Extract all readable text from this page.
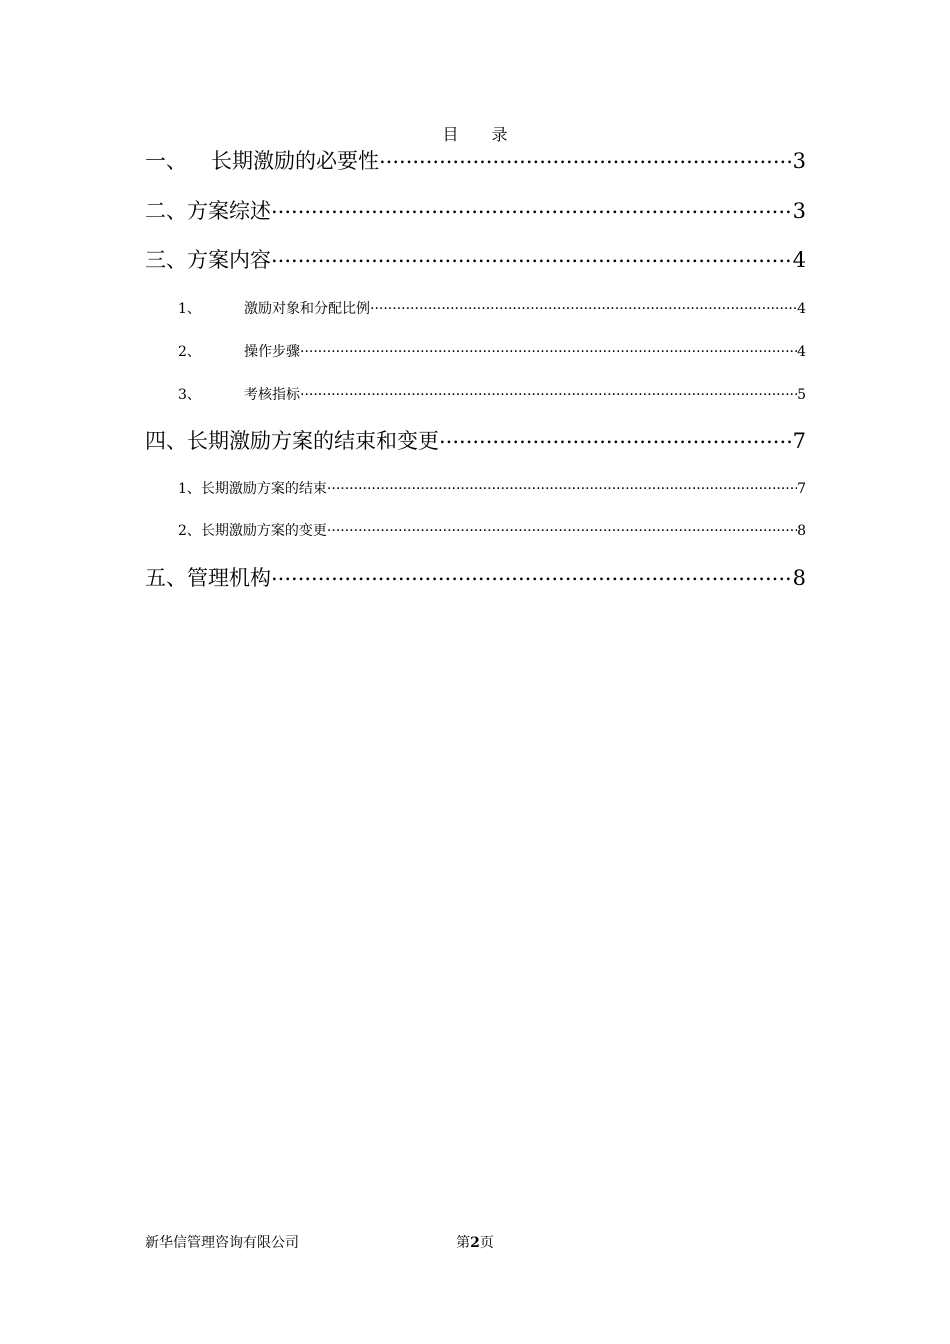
目 录
一、	长期激励的必要性 .....	3
二、 方案综述 .....	3
三、 方案内容 .....	4
1、	激励对象和分配比例 .....	4
2、	操作步骤 .....	4
3、	考核指标 .....	5
四、 长期激励方案的结束和变更 .....	7
1、 长期激励方案的结束 .....	7
2、 长期激励方案的变更 .....	8
五、 管理机构 .....	8
新华信管理咨询有限公司	第2页
